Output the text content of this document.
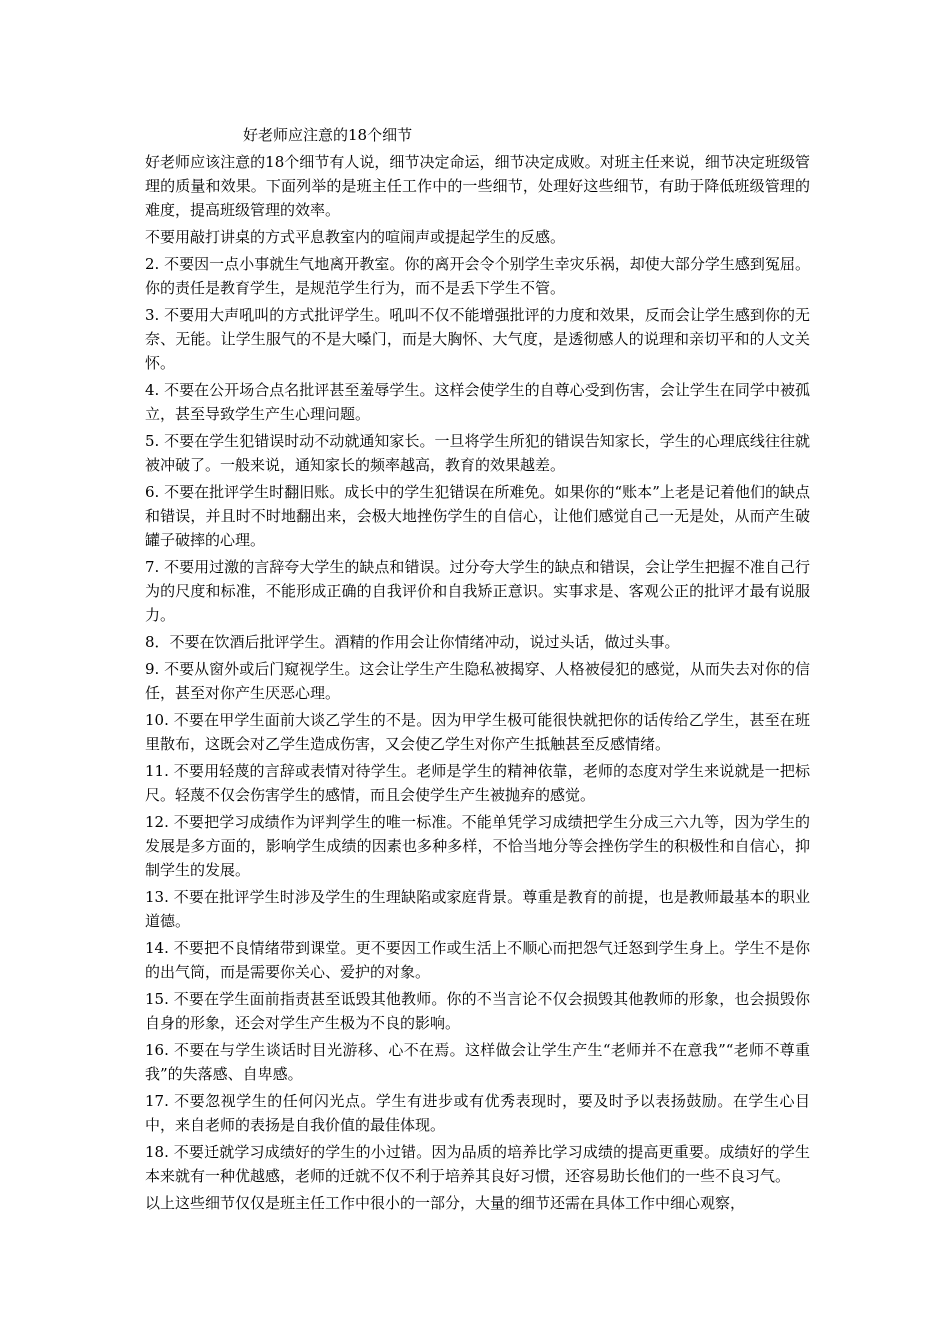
好老师应注意的18个细节

好老师应该注意的18个细节有人说，细节决定命运，细节决定成败。对班主任来说，细节决定班级管理的质量和效果。下面列举的是班主任工作中的一些细节，处理好这些细节，有助于降低班级管理的难度，提高班级管理的效率。

不要用敲打讲桌的方式平息教室内的喧闹声或提起学生的反感。

2. 不要因一点小事就生气地离开教室。你的离开会令个别学生幸灾乐祸，却使大部分学生感到冤屈。你的责任是教育学生，是规范学生行为，而不是丢下学生不管。

3. 不要用大声吼叫的方式批评学生。吼叫不仅不能增强批评的力度和效果，反而会让学生感到你的无奈、无能。让学生服气的不是大嗓门，而是大胸怀、大气度，是透彻感人的说理和亲切平和的人文关怀。

4. 不要在公开场合点名批评甚至羞辱学生。这样会使学生的自尊心受到伤害，会让学生在同学中被孤立，甚至导致学生产生心理问题。

5. 不要在学生犯错误时动不动就通知家长。一旦将学生所犯的错误告知家长，学生的心理底线往往就被冲破了。一般来说，通知家长的频率越高，教育的效果越差。

6. 不要在批评学生时翻旧账。成长中的学生犯错误在所难免。如果你的“账本”上老是记着他们的缺点和错误，并且时不时地翻出来，会极大地挫伤学生的自信心，让他们感觉自己一无是处，从而产生破罐子破摔的心理。

7. 不要用过激的言辞夸大学生的缺点和错误。过分夸大学生的缺点和错误，会让学生把握不准自己行为的尺度和标准，不能形成正确的自我评价和自我矫正意识。实事求是、客观公正的批评才最有说服力。

8．不要在饮酒后批评学生。酒精的作用会让你情绪冲动，说过头话，做过头事。

9. 不要从窗外或后门窥视学生。这会让学生产生隐私被揭穿、人格被侵犯的感觉，从而失去对你的信任，甚至对你产生厌恶心理。

10. 不要在甲学生面前大谈乙学生的不是。因为甲学生极可能很快就把你的话传给乙学生，甚至在班里散布，这既会对乙学生造成伤害，又会使乙学生对你产生抵触甚至反感情绪。

11. 不要用轻蔑的言辞或表情对待学生。老师是学生的精神依靠，老师的态度对学生来说就是一把标尺。轻蔑不仅会伤害学生的感情，而且会使学生产生被抛弃的感觉。

12. 不要把学习成绩作为评判学生的唯一标准。不能单凭学习成绩把学生分成三六九等，因为学生的发展是多方面的，影响学生成绩的因素也多种多样，不恰当地分等会挫伤学生的积极性和自信心，抑制学生的发展。

13. 不要在批评学生时涉及学生的生理缺陷或家庭背景。尊重是教育的前提，也是教师最基本的职业道德。

14. 不要把不良情绪带到课堂。更不要因工作或生活上不顺心而把怨气迁怒到学生身上。学生不是你的出气筒，而是需要你关心、爱护的对象。

15. 不要在学生面前指责甚至诋毁其他教师。你的不当言论不仅会损毁其他教师的形象，也会损毁你自身的形象，还会对学生产生极为不良的影响。

16. 不要在与学生谈话时目光游移、心不在焉。这样做会让学生产生“老师并不在意我”“老师不尊重我”的失落感、自卑感。

17. 不要忽视学生的任何闪光点。学生有进步或有优秀表现时，要及时予以表扬鼓励。在学生心目中，来自老师的表扬是自我价值的最佳体现。

18. 不要迁就学习成绩好的学生的小过错。因为品质的培养比学习成绩的提高更重要。成绩好的学生本来就有一种优越感，老师的迁就不仅不利于培养其良好习惯，还容易助长他们的一些不良习气。

以上这些细节仅仅是班主任工作中很小的一部分，大量的细节还需在具体工作中细心观察，
